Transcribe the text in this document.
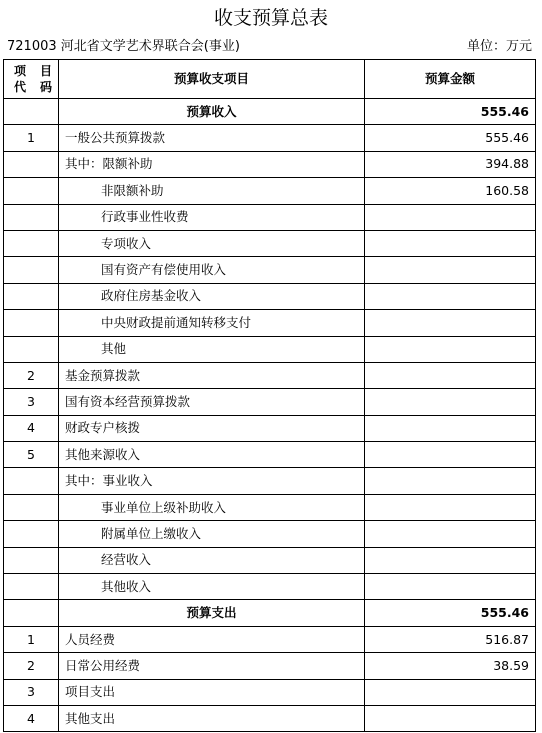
收支预算总表
721003 河北省文学艺术界联合会(事业)	单位：万元
项目
代码	预算收支项目	预算金额
	预算收入	555.46
1	一般公共预算拨款	555.46
	其中：限额补助	394.88
	非限额补助	160.58
	行政事业性收费	
	专项收入	
	国有资产有偿使用收入	
	政府住房基金收入	
	中央财政提前通知转移支付	
	其他	
2	基金预算拨款	
3	国有资本经营预算拨款	
4	财政专户核拨	
5	其他来源收入	
	其中：事业收入	
	事业单位上级补助收入	
	附属单位上缴收入	
	经营收入	
	其他收入	
	预算支出	555.46
1	人员经费	516.87
2	日常公用经费	38.59
3	项目支出	
4	其他支出	
